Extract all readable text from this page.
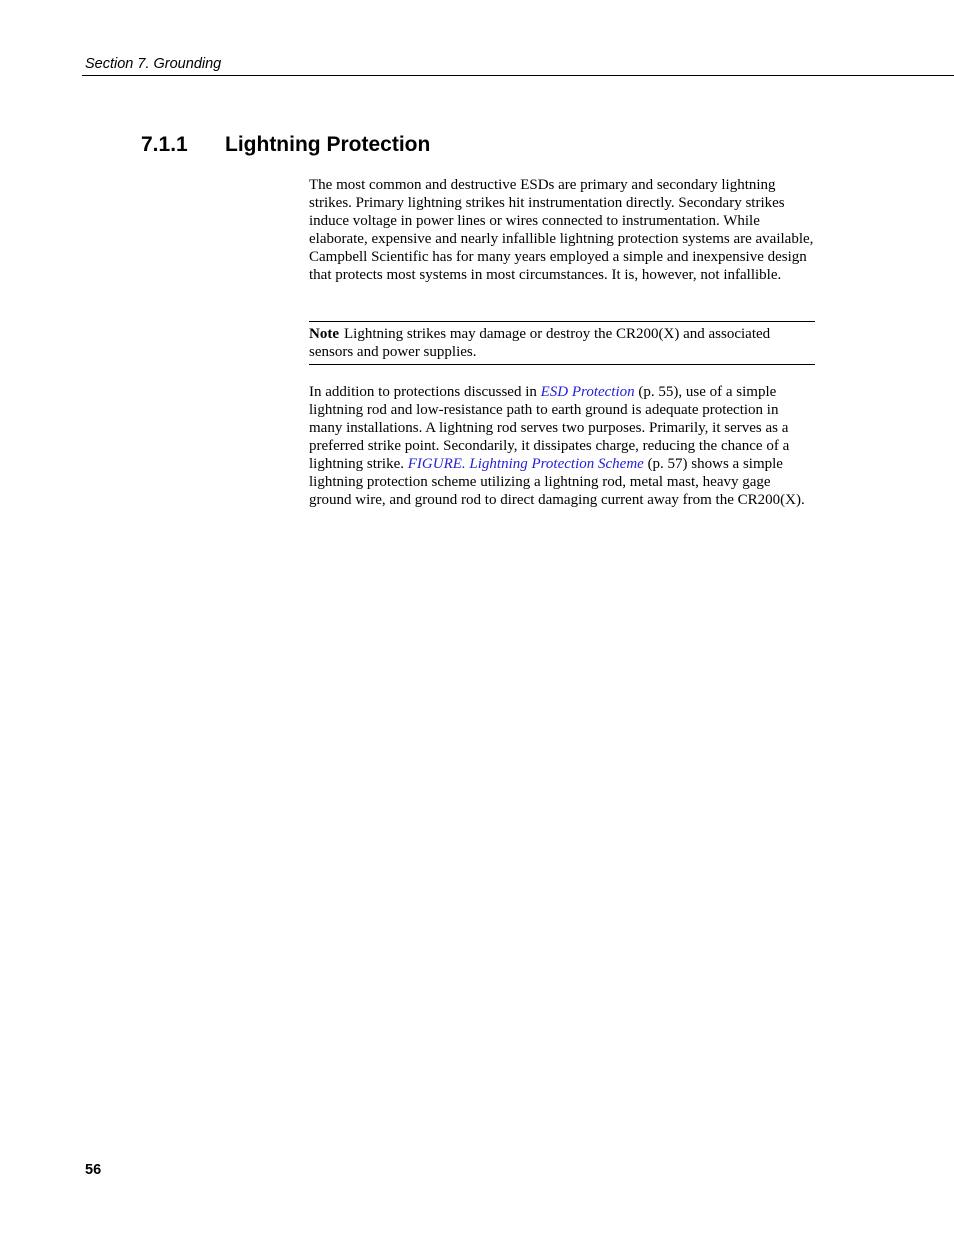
Section 7. Grounding
7.1.1 Lightning Protection
The most common and destructive ESDs are primary and secondary lightning strikes. Primary lightning strikes hit instrumentation directly. Secondary strikes induce voltage in power lines or wires connected to instrumentation. While elaborate, expensive and nearly infallible lightning protection systems are available, Campbell Scientific has for many years employed a simple and inexpensive design that protects most systems in most circumstances. It is, however, not infallible.
Note Lightning strikes may damage or destroy the CR200(X) and associated sensors and power supplies.
In addition to protections discussed in ESD Protection (p. 55), use of a simple lightning rod and low-resistance path to earth ground is adequate protection in many installations. A lightning rod serves two purposes. Primarily, it serves as a preferred strike point. Secondarily, it dissipates charge, reducing the chance of a lightning strike. FIGURE. Lightning Protection Scheme (p. 57) shows a simple lightning protection scheme utilizing a lightning rod, metal mast, heavy gage ground wire, and ground rod to direct damaging current away from the CR200(X).
56
